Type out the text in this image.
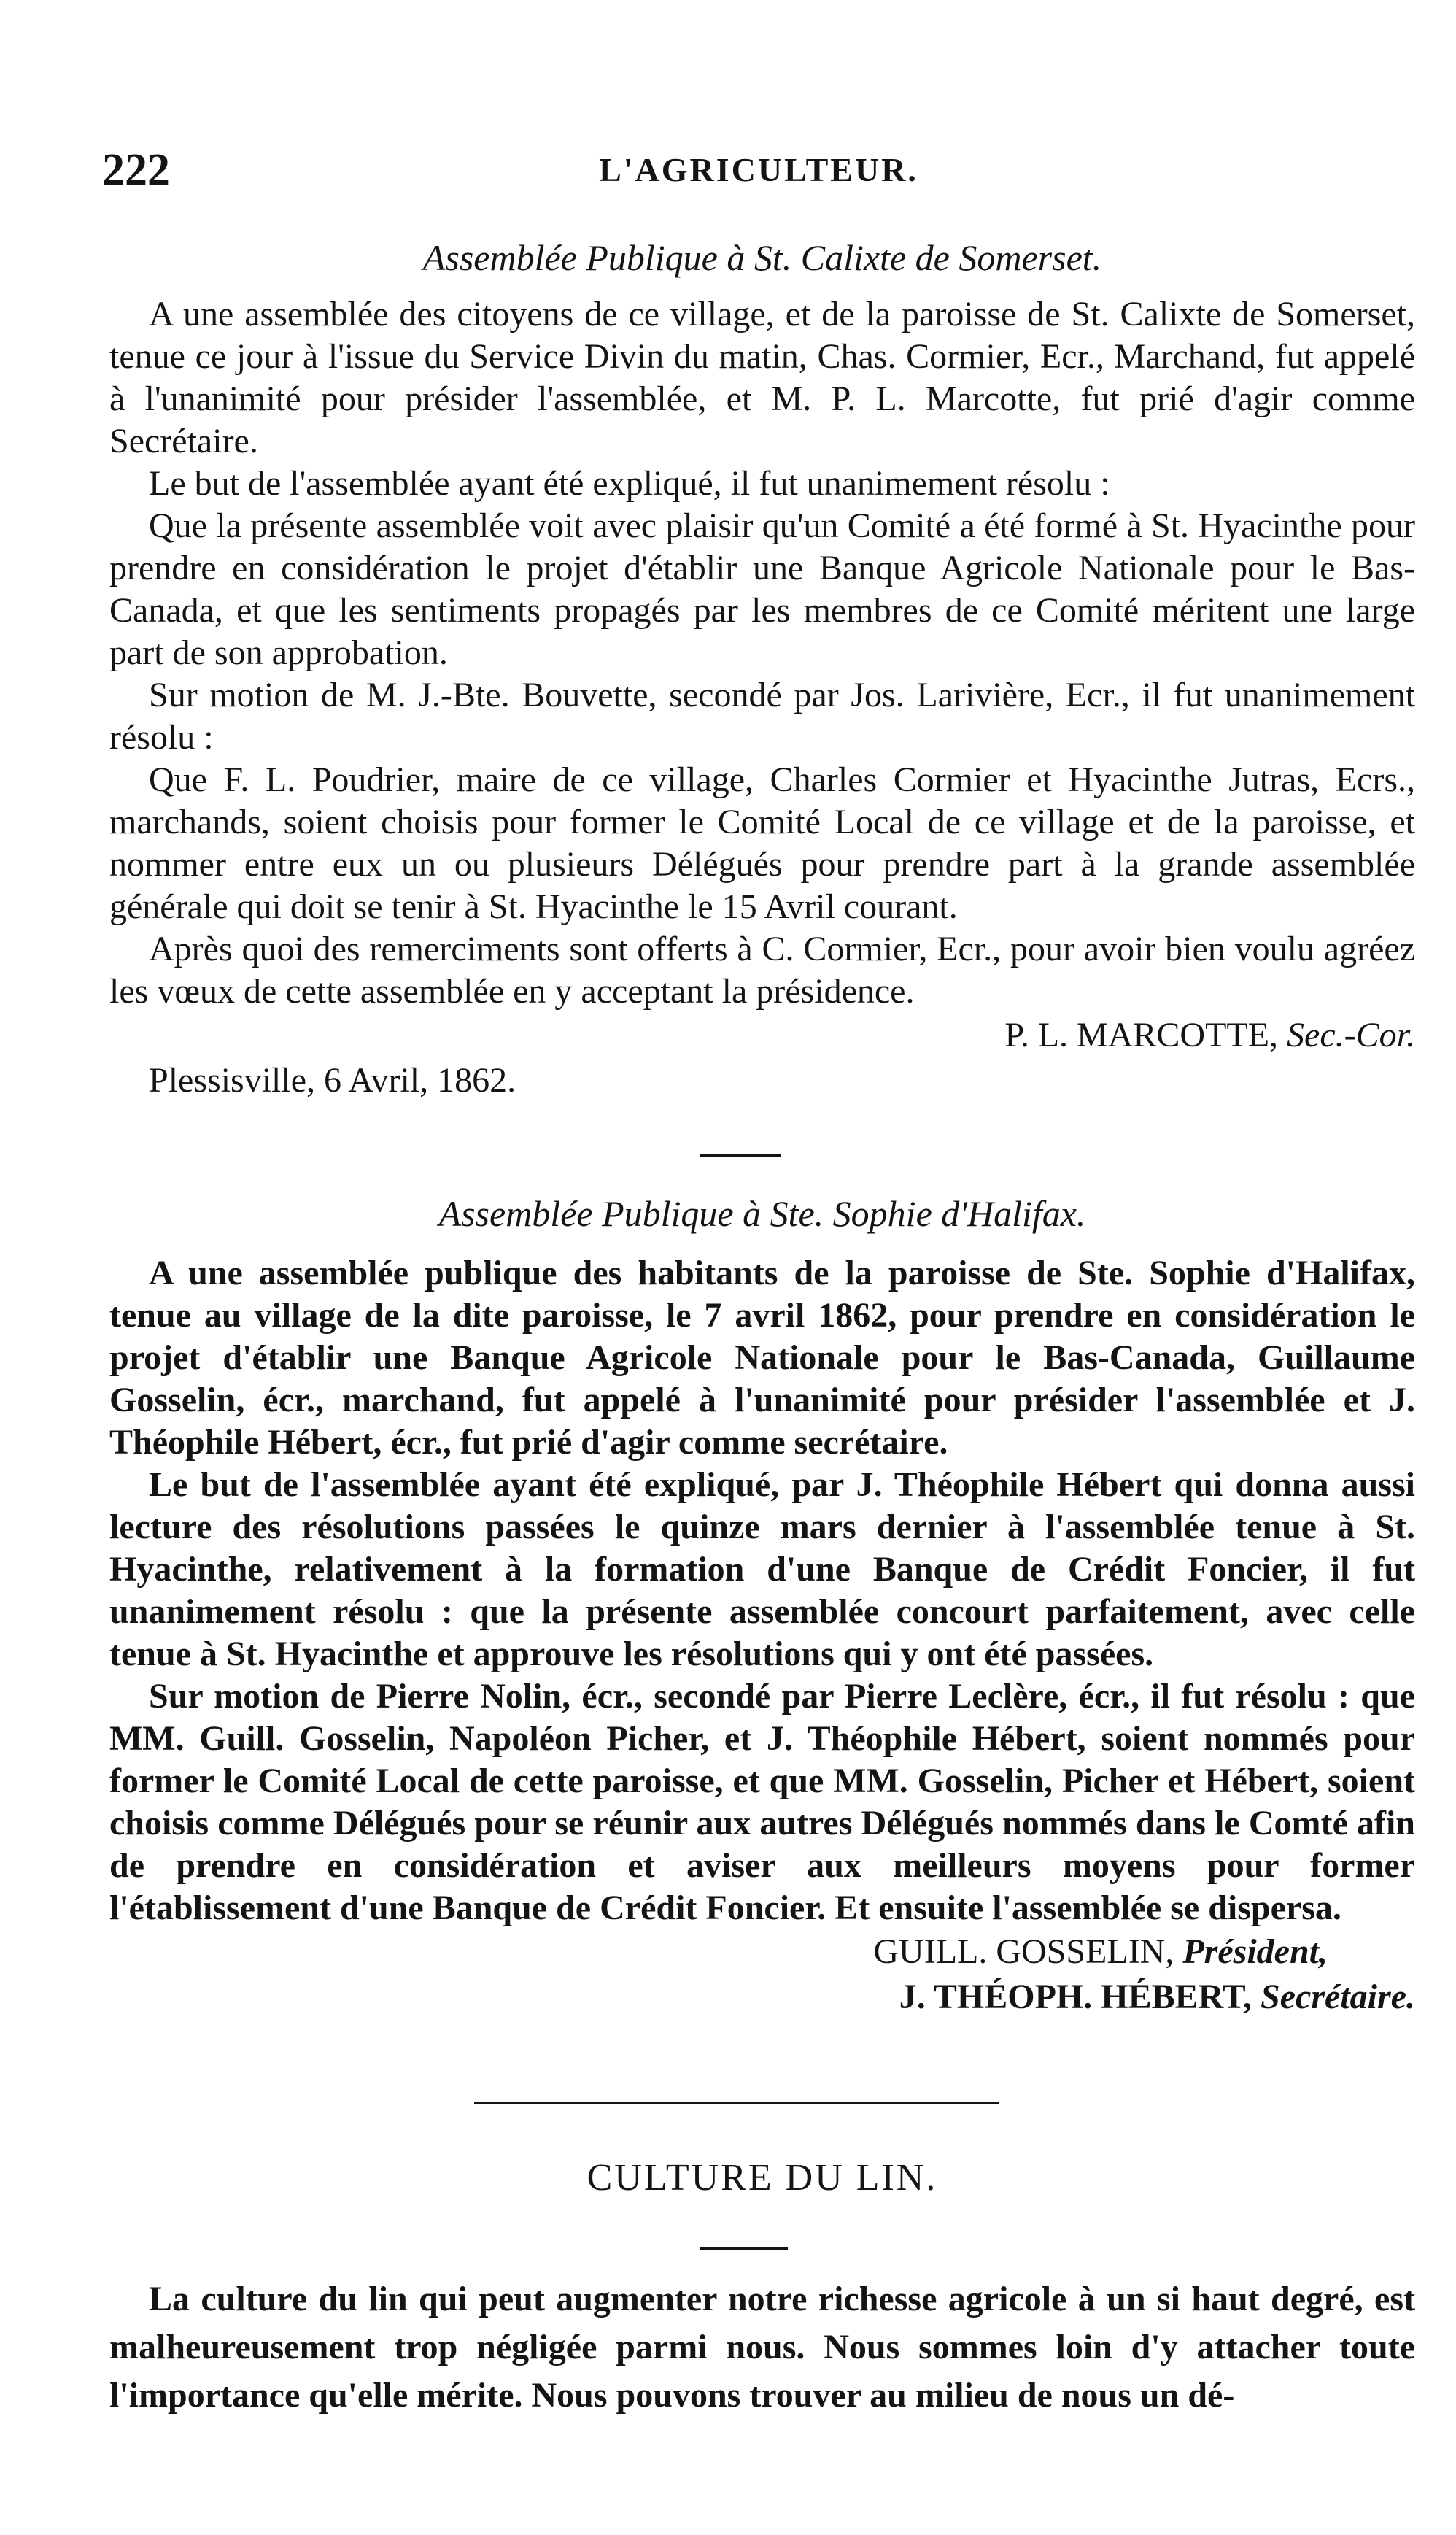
222	L'AGRICULTEUR.

Assemblée Publique à St. Calixte de Somerset.

A une assemblée des citoyens de ce village, et de la paroisse de St. Calixte de Somerset, tenue ce jour à l'issue du Service Divin du matin, Chas. Cormier, Ecr., Marchand, fut appelé à l'unanimité pour présider l'assemblée, et M. P. L. Marcotte, fut prié d'agir comme Secrétaire.

Le but de l'assemblée ayant été expliqué, il fut unanimement résolu :

Que la présente assemblée voit avec plaisir qu'un Comité a été formé à St. Hyacinthe pour prendre en considération le projet d'établir une Banque Agricole Nationale pour le Bas-Canada, et que les sentiments propagés par les membres de ce Comité méritent une large part de son approbation.

Sur motion de M. J.-Bte. Bouvette, secondé par Jos. Larivière, Ecr., il fut unanimement résolu :

Que F. L. Poudrier, maire de ce village, Charles Cormier et Hyacinthe Jutras, Ecrs., marchands, soient choisis pour former le Comité Local de ce village et de la paroisse, et nommer entre eux un ou plusieurs Délégués pour prendre part à la grande assemblée générale qui doit se tenir à St. Hyacinthe le 15 Avril courant.

Après quoi des remerciments sont offerts à C. Cormier, Ecr., pour avoir bien voulu agréez les vœux de cette assemblée en y acceptant la présidence.

P. L. MARCOTTE, Sec.-Cor.

Plessisville, 6 Avril, 1862.

Assemblée Publique à Ste. Sophie d'Halifax.

A une assemblée publique des habitants de la paroisse de Ste. Sophie d'Halifax, tenue au village de la dite paroisse, le 7 avril 1862, pour prendre en considération le projet d'établir une Banque Agricole Nationale pour le Bas-Canada, Guillaume Gosselin, écr., marchand, fut appelé à l'unanimité pour présider l'assemblée et J. Théophile Hébert, écr., fut prié d'agir comme secrétaire.

Le but de l'assemblée ayant été expliqué, par J. Théophile Hébert qui donna aussi lecture des résolutions passées le quinze mars dernier à l'assemblée tenue à St. Hyacinthe, relativement à la formation d'une Banque de Crédit Foncier, il fut unanimement résolu : que la présente assemblée concourt parfaitement, avec celle tenue à St. Hyacinthe et approuve les résolutions qui y ont été passées.

Sur motion de Pierre Nolin, écr., secondé par Pierre Leclère, écr., il fut résolu : que MM. Guill. Gosselin, Napoléon Picher, et J. Théophile Hébert, soient nommés pour former le Comité Local de cette paroisse, et que MM. Gosselin, Picher et Hébert, soient choisis comme Délégués pour se réunir aux autres Délégués nommés dans le Comté afin de prendre en considération et aviser aux meilleurs moyens pour former l'établissement d'une Banque de Crédit Foncier. Et ensuite l'assemblée se dispersa.

GUILL. GOSSELIN, Président,

J. THÉOPH. HÉBERT, Secrétaire.

CULTURE DU LIN.

La culture du lin qui peut augmenter notre richesse agricole à un si haut degré, est malheureusement trop négligée parmi nous. Nous sommes loin d'y attacher toute l'importance qu'elle mérite. Nous pouvons trouver au milieu de nous un dé-
